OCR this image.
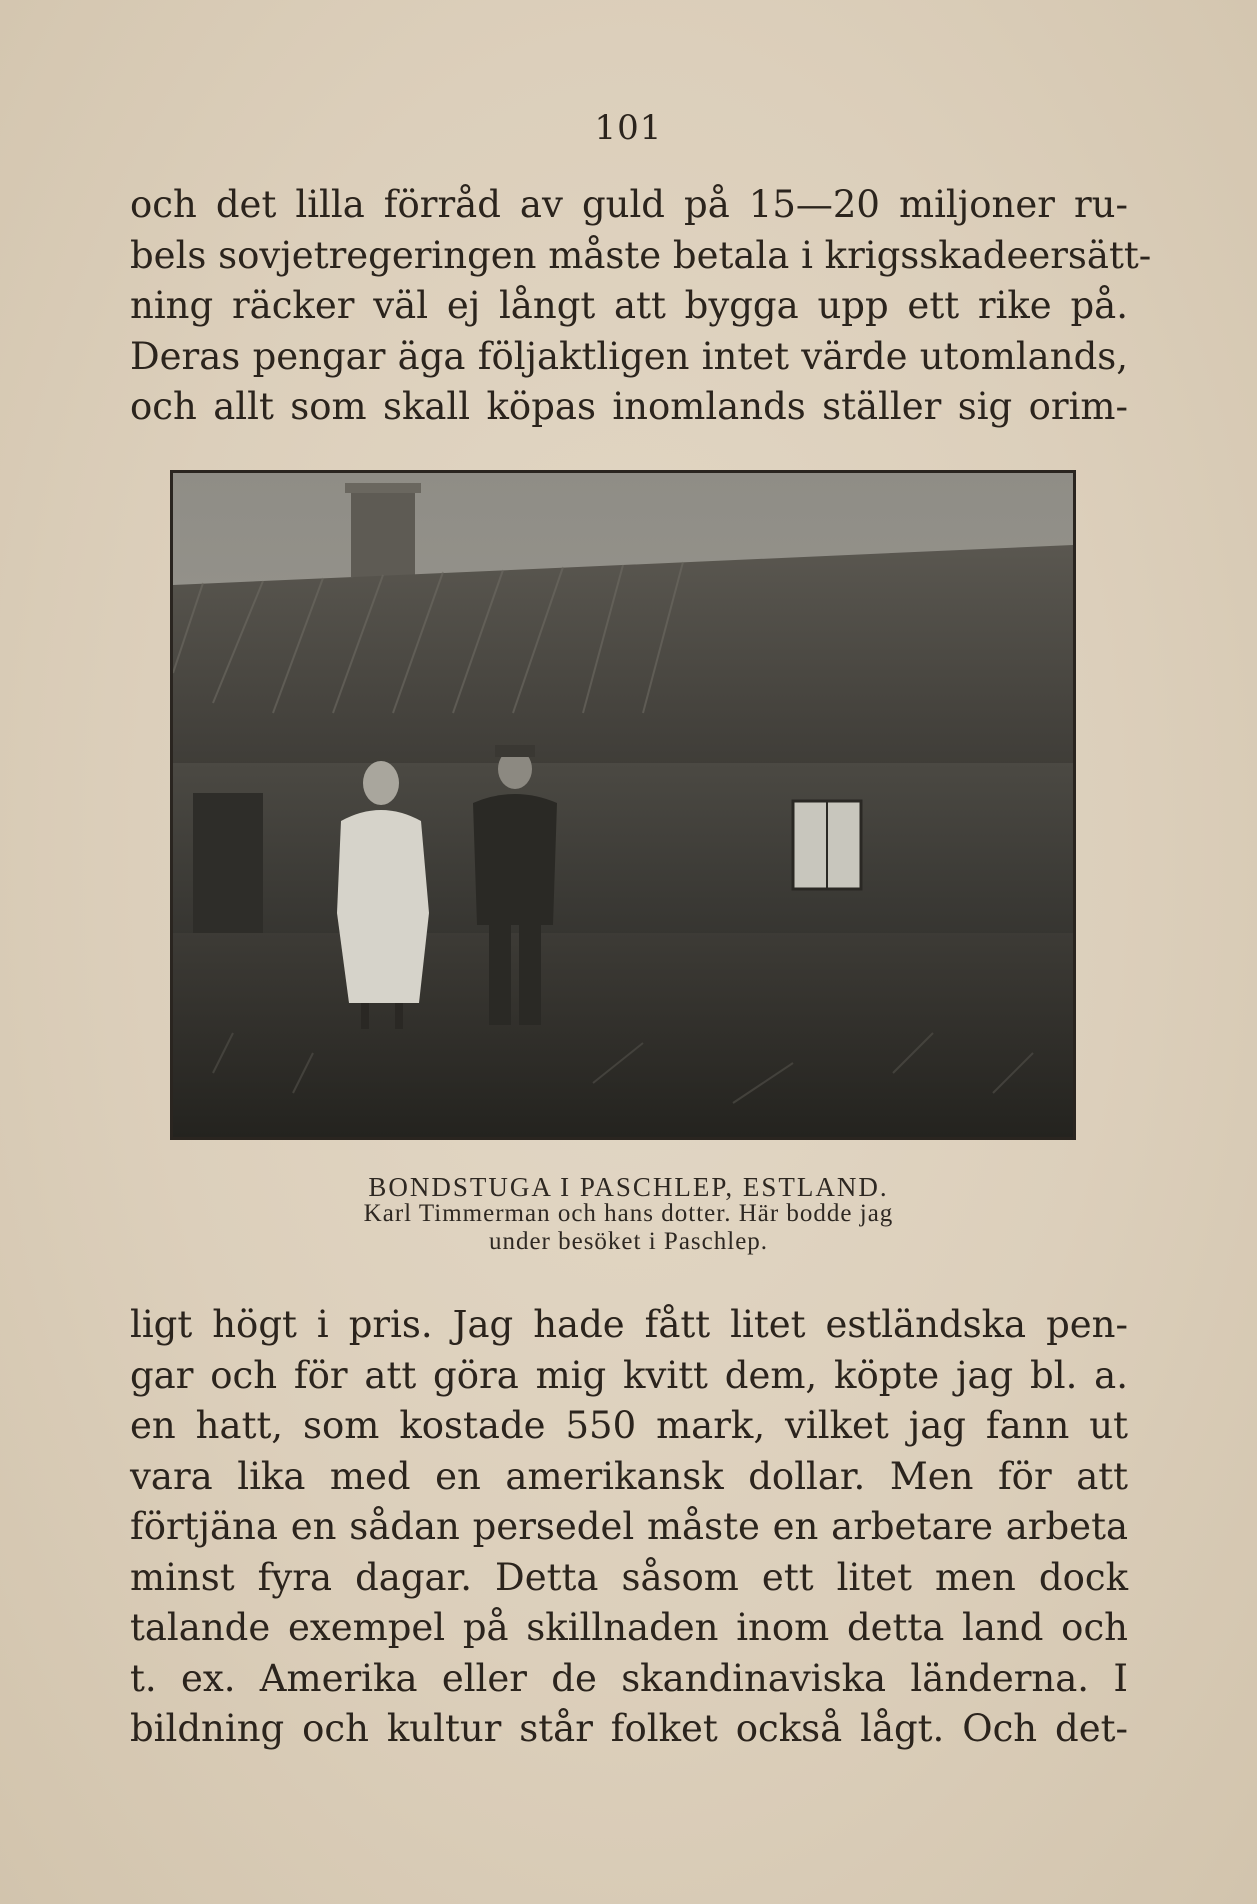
101

och det lilla förråd av guld på 15—20 miljoner ru-
bels sovjetregeringen måste betala i krigsskadeersätt-
ning räcker väl ej långt att bygga upp ett rike på.
Deras pengar äga följaktligen intet värde utomlands,
och allt som skall köpas inomlands ställer sig orim-

BONDSTUGA I PASCHLEP, ESTLAND.
Karl Timmerman och hans dotter. Här bodde jag
under besöket i Paschlep.

ligt högt i pris. Jag hade fått litet estländska pen-
gar och för att göra mig kvitt dem, köpte jag bl. a.
en hatt, som kostade 550 mark, vilket jag fann ut
vara lika med en amerikansk dollar. Men för att
förtjäna en sådan persedel måste en arbetare arbeta
minst fyra dagar. Detta såsom ett litet men dock
talande exempel på skillnaden inom detta land och
t. ex. Amerika eller de skandinaviska länderna. I
bildning och kultur står folket också lågt. Och det-
